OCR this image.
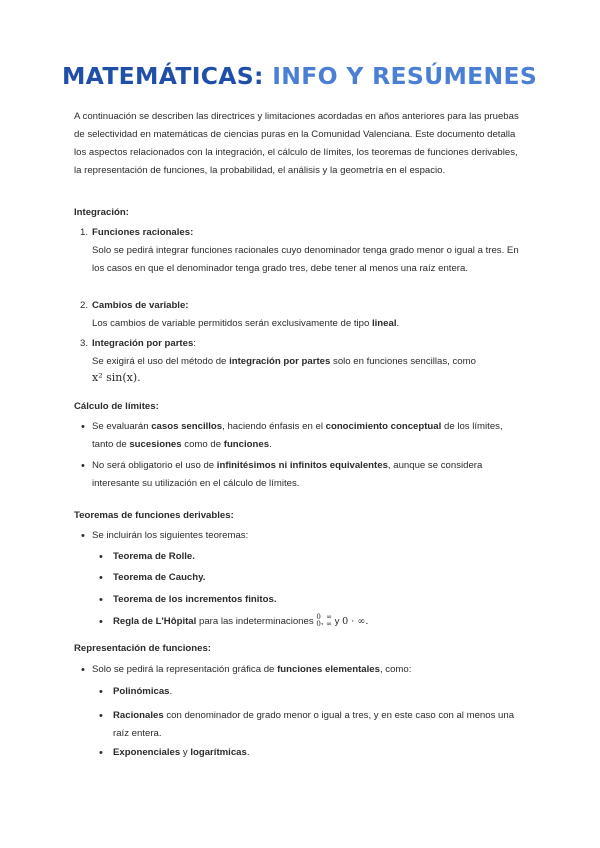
MATEMÁTICAS: INFO Y RESÚMENES

A continuación se describen las directrices y limitaciones acordadas en años anteriores para las pruebas de selectividad en matemáticas de ciencias puras en la Comunidad Valenciana. Este documento detalla los aspectos relacionados con la integración, el cálculo de límites, los teoremas de funciones derivables, la representación de funciones, la probabilidad, el análisis y la geometría en el espacio.

Integración:
1. Funciones racionales:
Solo se pedirá integrar funciones racionales cuyo denominador tenga grado menor o igual a tres. En los casos en que el denominador tenga grado tres, debe tener al menos una raíz entera.
2. Cambios de variable:
Los cambios de variable permitidos serán exclusivamente de tipo lineal.
3. Integración por partes:
Se exigirá el uso del método de integración por partes solo en funciones sencillas, como
x² sin(x).
Cálculo de límites:
• Se evaluarán casos sencillos, haciendo énfasis en el conocimiento conceptual de los límites, tanto de sucesiones como de funciones.
• No será obligatorio el uso de infinitésimos ni infinitos equivalentes, aunque se considera interesante su utilización en el cálculo de límites.
Teoremas de funciones derivables:
• Se incluirán los siguientes teoremas:
• Teorema de Rolle.
• Teorema de Cauchy.
• Teorema de los incrementos finitos.
• Regla de L'Hôpital para las indeterminaciones 0
0 , ∞
∞ y 0 · ∞.
Representación de funciones:
• Solo se pedirá la representación gráfica de funciones elementales, como:
• Polinómicas.
• Racionales con denominador de grado menor o igual a tres, y en este caso con al menos una raíz entera.
• Exponenciales y logarítmicas.
